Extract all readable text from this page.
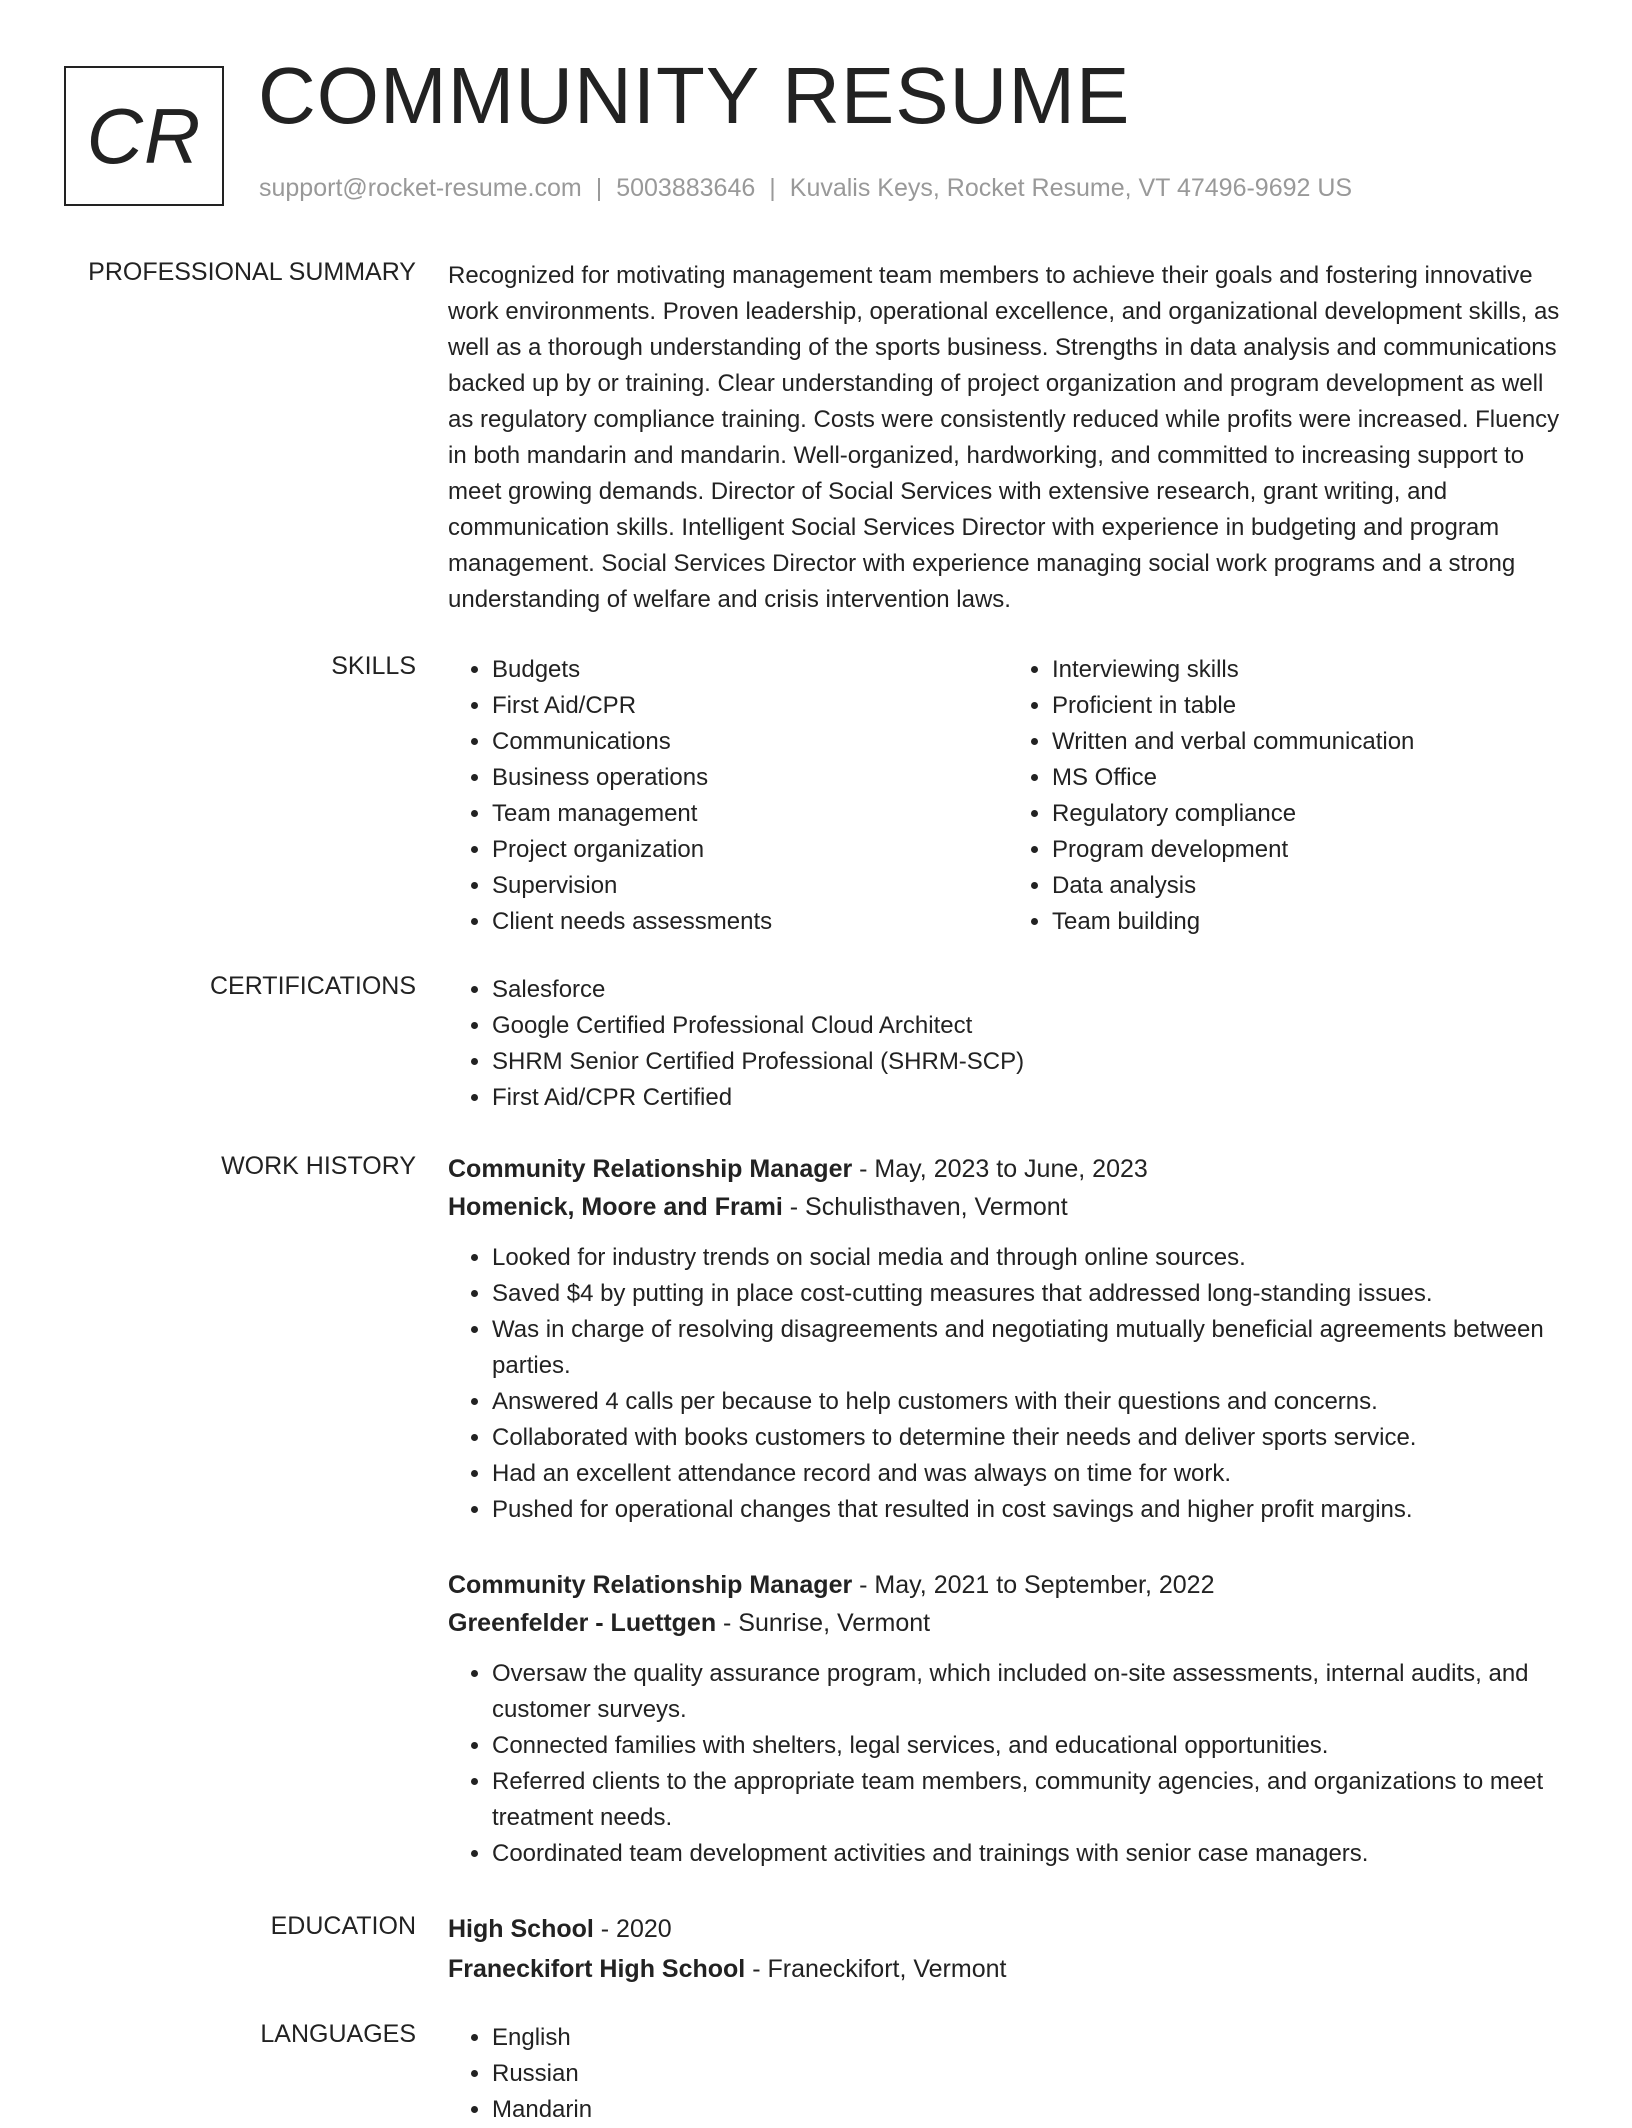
CR COMMUNITY RESUME
support@rocket-resume.com | 5003883646 | Kuvalis Keys, Rocket Resume, VT 47496-9692 US
PROFESSIONAL SUMMARY Recognized for motivating management team members to achieve their goals and fostering innovative work environments. Proven leadership, operational excellence, and organizational development skills, as well as a thorough understanding of the sports business. Strengths in data analysis and communications backed up by or training. Clear understanding of project organization and program development as well as regulatory compliance training. Costs were consistently reduced while profits were increased. Fluency in both mandarin and mandarin. Well-organized, hardworking, and committed to increasing support to meet growing demands. Director of Social Services with extensive research, grant writing, and communication skills. Intelligent Social Services Director with experience in budgeting and program management. Social Services Director with experience managing social work programs and a strong understanding of welfare and crisis intervention laws.

SKILLS	• Budgets
• First Aid/CPR
• Communications
• Business operations
• Team management
• Project organization
• Supervision
• Client needs assessments
• Interviewing skills
• Proficient in table
• Written and verbal communication
• MS Office
• Regulatory compliance
• Program development
• Data analysis
• Team building
CERTIFICATIONS	• Salesforce
• Google Certified Professional Cloud Architect
• SHRM Senior Certified Professional (SHRM-SCP)
• First Aid/CPR Certified
WORK HISTORY Community Relationship Manager - May, 2023 to June, 2023
Homenick, Moore and Frami - Schulisthaven, Vermont
• Looked for industry trends on social media and through online sources.
• Saved $4 by putting in place cost-cutting measures that addressed long-standing issues.
• Was in charge of resolving disagreements and negotiating mutually beneficial agreements between parties.
• Answered 4 calls per because to help customers with their questions and concerns.
• Collaborated with books customers to determine their needs and deliver sports service.
• Had an excellent attendance record and was always on time for work.
• Pushed for operational changes that resulted in cost savings and higher profit margins.
Community Relationship Manager - May, 2021 to September, 2022
Greenfelder - Luettgen - Sunrise, Vermont
• Oversaw the quality assurance program, which included on-site assessments, internal audits, and customer surveys.
• Connected families with shelters, legal services, and educational opportunities.
• Referred clients to the appropriate team members, community agencies, and organizations to meet treatment needs.
• Coordinated team development activities and trainings with senior case managers.
EDUCATION High School - 2020
Franeckifort High School - Franeckifort, Vermont
LANGUAGES	• English
• Russian
• Mandarin
